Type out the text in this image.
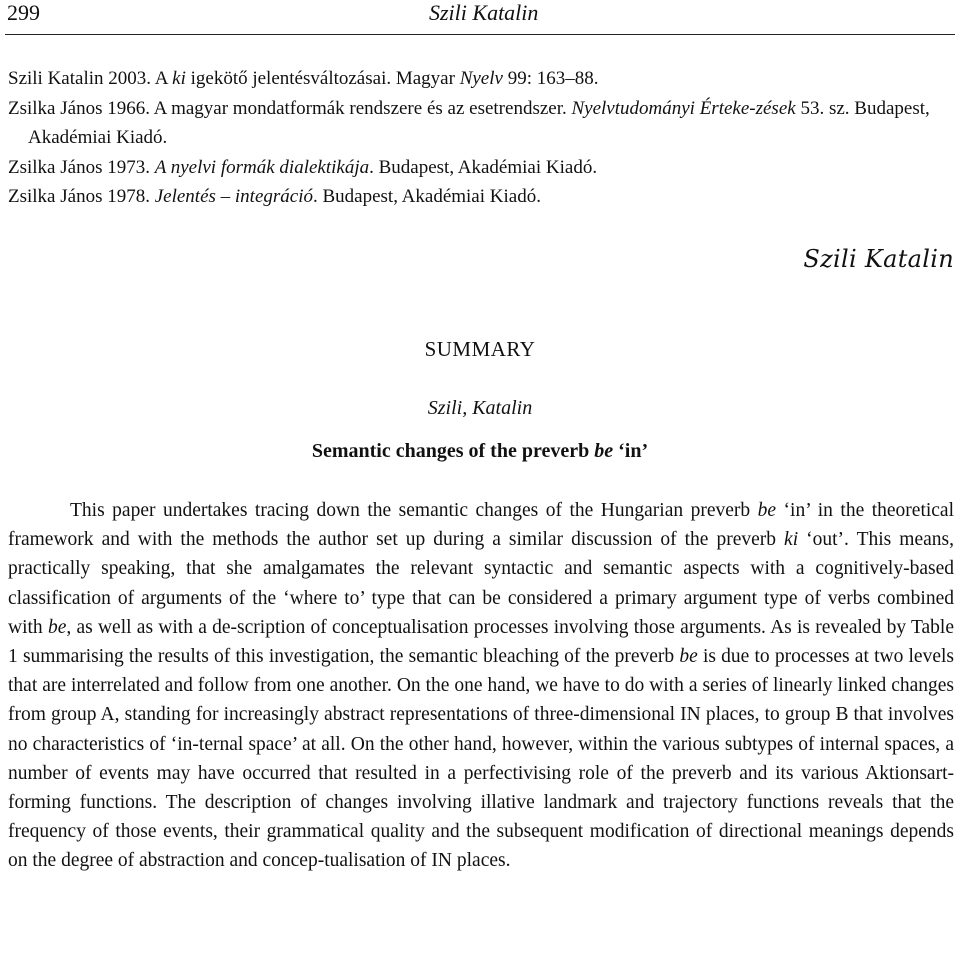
299	Szili Katalin
Szili Katalin 2003. A ki igekötő jelentésváltozásai. Magyar Nyelv 99: 163–88.
Zsilka János 1966. A magyar mondatformák rendszere és az esetrendszer. Nyelvtudományi Érteke-zések 53. sz. Budapest, Akadémiai Kiadó.
Zsilka János 1973. A nyelvi formák dialektikája. Budapest, Akadémiai Kiadó.
Zsilka János 1978. Jelentés – integráció. Budapest, Akadémiai Kiadó.
Szili Katalin
SUMMARY
Szili, Katalin
Semantic changes of the preverb be ‘in’
This paper undertakes tracing down the semantic changes of the Hungarian preverb be ‘in’ in the theoretical framework and with the methods the author set up during a similar discussion of the preverb ki ‘out’. This means, practically speaking, that she amalgamates the relevant syntactic and semantic aspects with a cognitively-based classification of arguments of the ‘where to’ type that can be considered a primary argument type of verbs combined with be, as well as with a de-scription of conceptualisation processes involving those arguments. As is revealed by Table 1 summarising the results of this investigation, the semantic bleaching of the preverb be is due to processes at two levels that are interrelated and follow from one another. On the one hand, we have to do with a series of linearly linked changes from group A, standing for increasingly abstract representations of three-dimensional IN places, to group B that involves no characteristics of ‘in-ternal space’ at all. On the other hand, however, within the various subtypes of internal spaces, a number of events may have occurred that resulted in a perfectivising role of the preverb and its various Aktionsart-forming functions. The description of changes involving illative landmark and trajectory functions reveals that the frequency of those events, their grammatical quality and the subsequent modification of directional meanings depends on the degree of abstraction and concep-tualisation of IN places.
